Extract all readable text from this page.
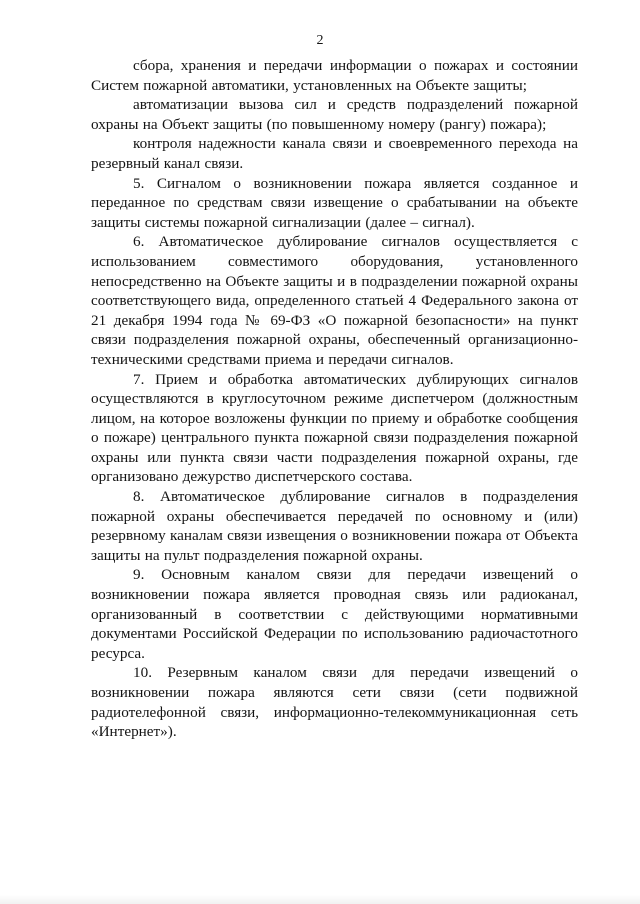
2

сбора, хранения и передачи информации о пожарах и состоянии Систем пожарной автоматики, установленных на Объекте защиты;

автоматизации вызова сил и средств подразделений пожарной охраны на Объект защиты (по повышенному номеру (рангу) пожара);

контроля надежности канала связи и своевременного перехода на резервный канал связи.

5. Сигналом о возникновении пожара является созданное и переданное по средствам связи извещение о срабатывании на объекте защиты системы пожарной сигнализации (далее – сигнал).

6. Автоматическое дублирование сигналов осуществляется с использованием совместимого оборудования, установленного непосредственно на Объекте защиты и в подразделении пожарной охраны соответствующего вида, определенного статьей 4 Федерального закона от 21 декабря 1994 года № 69-ФЗ «О пожарной безопасности» на пункт связи подразделения пожарной охраны, обеспеченный организационно-техническими средствами приема и передачи сигналов.

7. Прием и обработка автоматических дублирующих сигналов осуществляются в круглосуточном режиме диспетчером (должностным лицом, на которое возложены функции по приему и обработке сообщения о пожаре) центрального пункта пожарной связи подразделения пожарной охраны или пункта связи части подразделения пожарной охраны, где организовано дежурство диспетчерского состава.

8. Автоматическое дублирование сигналов в подразделения пожарной охраны обеспечивается передачей по основному и (или) резервному каналам связи извещения о возникновении пожара от Объекта защиты на пульт подразделения пожарной охраны.

9. Основным каналом связи для передачи извещений о возникновении пожара является проводная связь или радиоканал, организованный в соответствии с действующими нормативными документами Российской Федерации по использованию радиочастотного ресурса.

10. Резервным каналом связи для передачи извещений о возникновении пожара являются сети связи (сети подвижной радиотелефонной связи, информационно-телекоммуникационная сеть «Интернет»).
